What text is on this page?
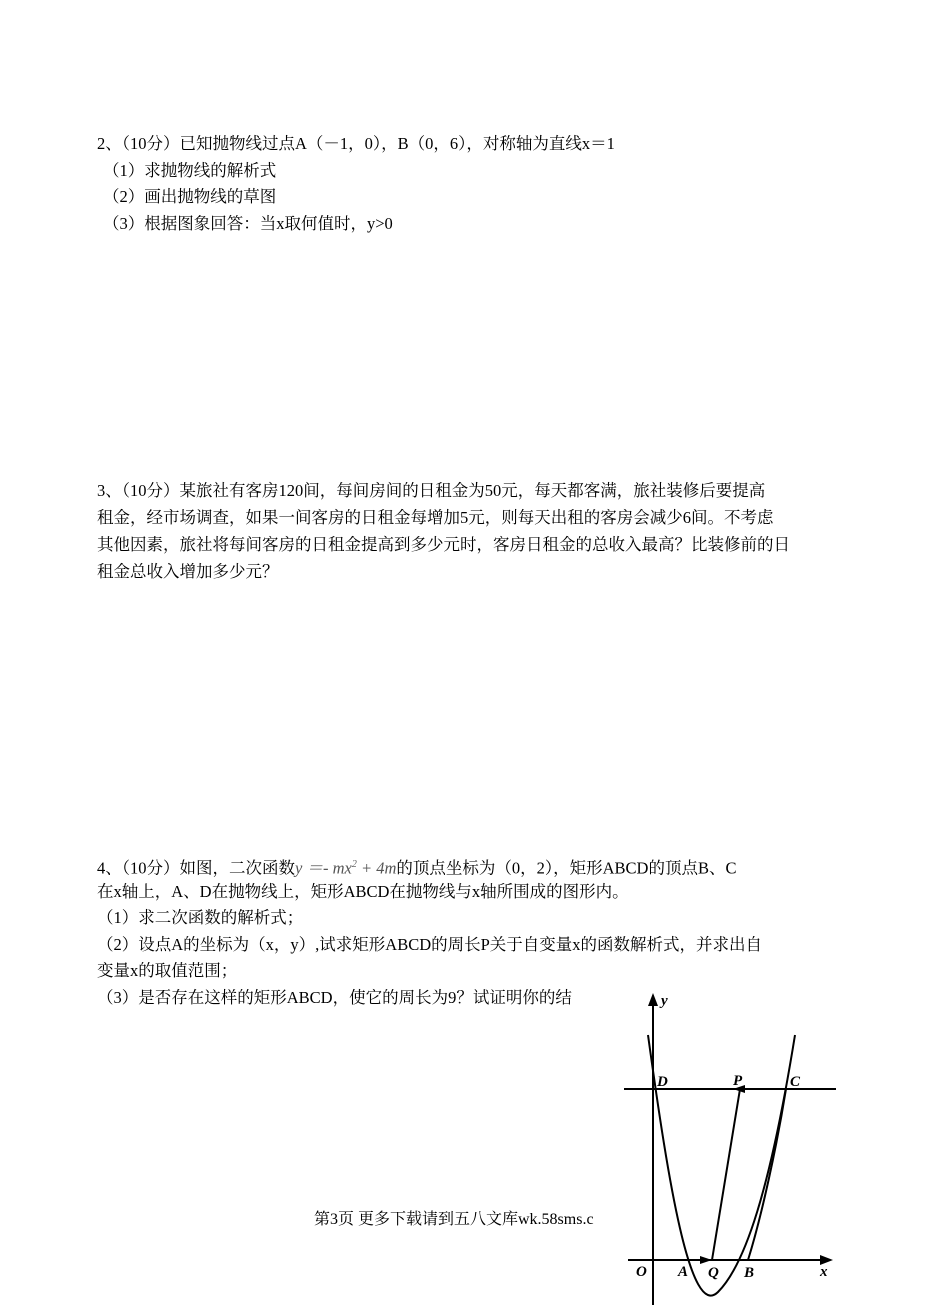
2、（10分）已知抛物线过点A（－1，0），B（0，6），对称轴为直线x＝1
（1）求抛物线的解析式
（2）画出抛物线的草图
（3）根据图象回答：当x取何值时，y>0
3、（10分）某旅社有客房120间，每间房间的日租金为50元，每天都客满，旅社装修后要提高
租金，经市场调查，如果一间客房的日租金每增加5元，则每天出租的客房会减少6间。不考虑
其他因素，旅社将每间客房的日租金提高到多少元时，客房日租金的总收入最高？比装修前的日
租金总收入增加多少元？
4、（10分）如图，二次函数$y =- mx^2 + 4m$的顶点坐标为（0，2），矩形ABCD的顶点B、C
在x轴上，A、D在抛物线上，矩形ABCD在抛物线与x轴所围成的图形内。
（1）求二次函数的解析式；
（2）设点A的坐标为（x，y）,试求矩形ABCD的周长P关于自变量x的函数解析式，并求出自
变量x的取值范围；
（3）是否存在这样的矩形ABCD，使它的周长为9？试证明你的结	y
x
O
D	P	C
A Q B
第3页 更多下载请到五八文库wk.58sms.c
